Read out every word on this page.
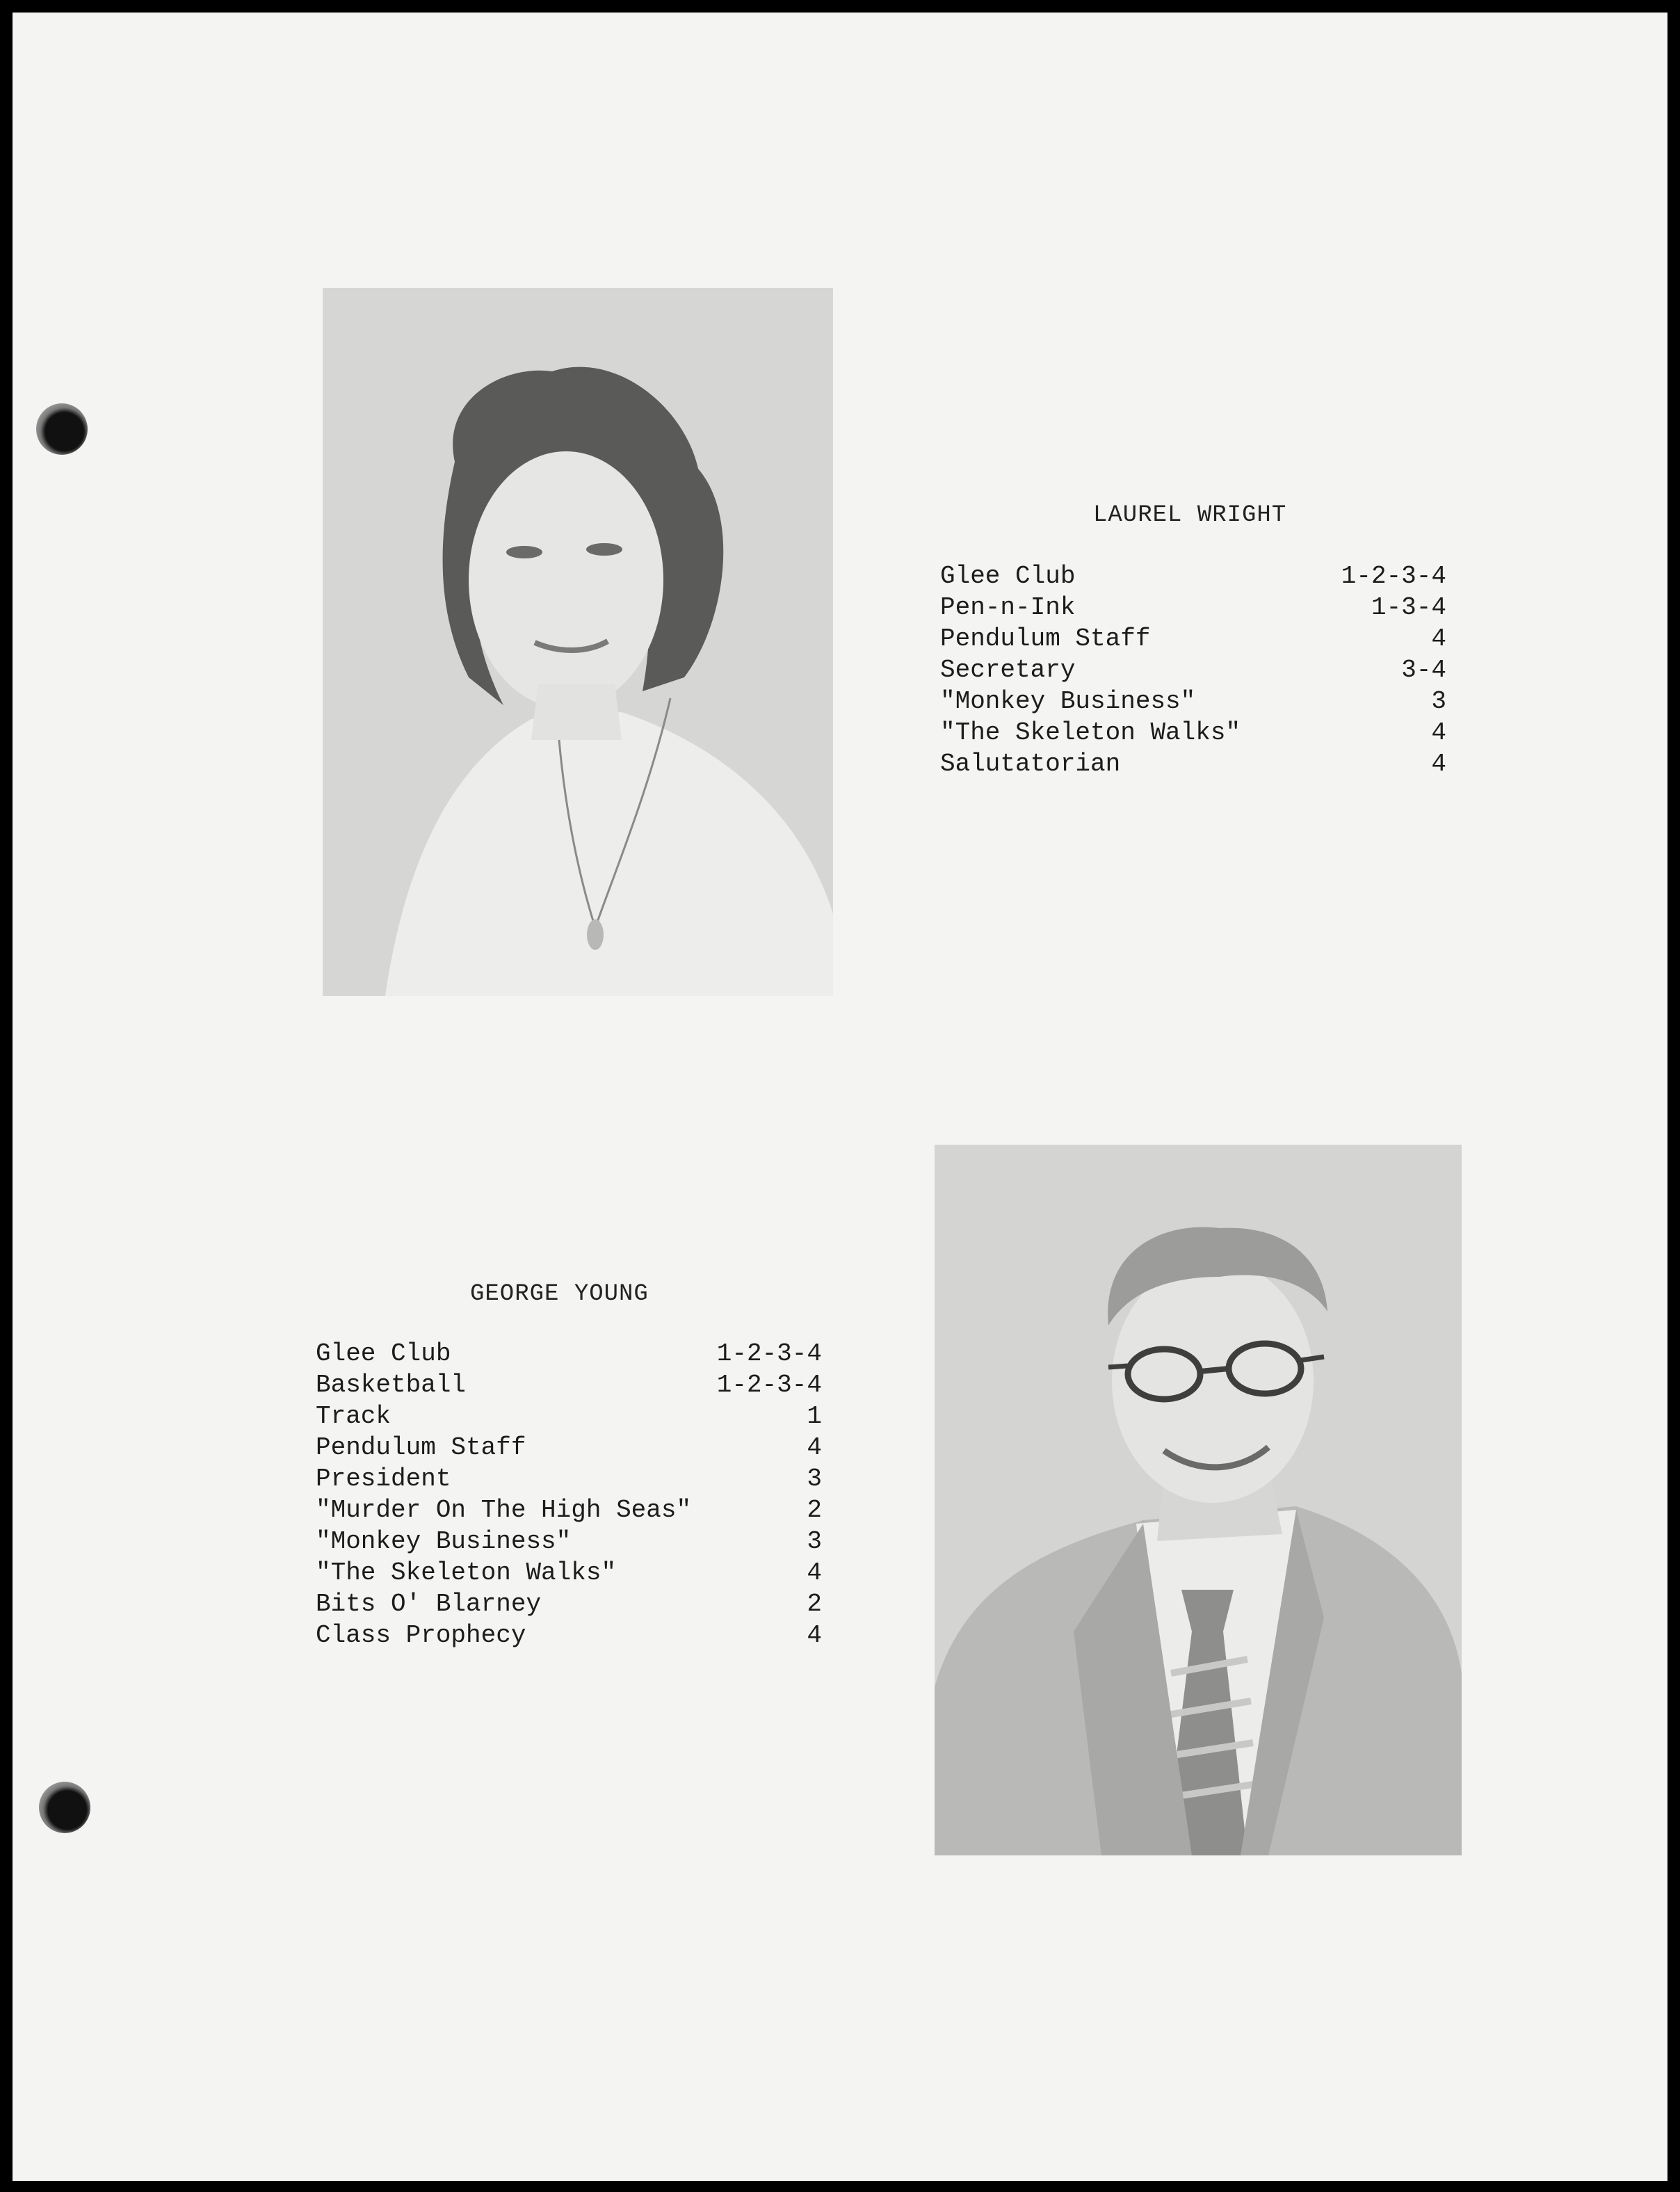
LAUREL WRIGHT
Glee Club	1-2-3-4
Pen-n-Ink	1-3-4
Pendulum Staff	4
Secretary	3-4
"Monkey Business"	3
"The Skeleton Walks"	4
Salutatorian	4
GEORGE YOUNG
Glee Club	1-2-3-4
Basketball	1-2-3-4
Track	1
Pendulum Staff	4
President	3
"Murder On The High Seas"	2
"Monkey Business"	3
"The Skeleton Walks"	4
Bits O' Blarney	2
Class Prophecy	4
